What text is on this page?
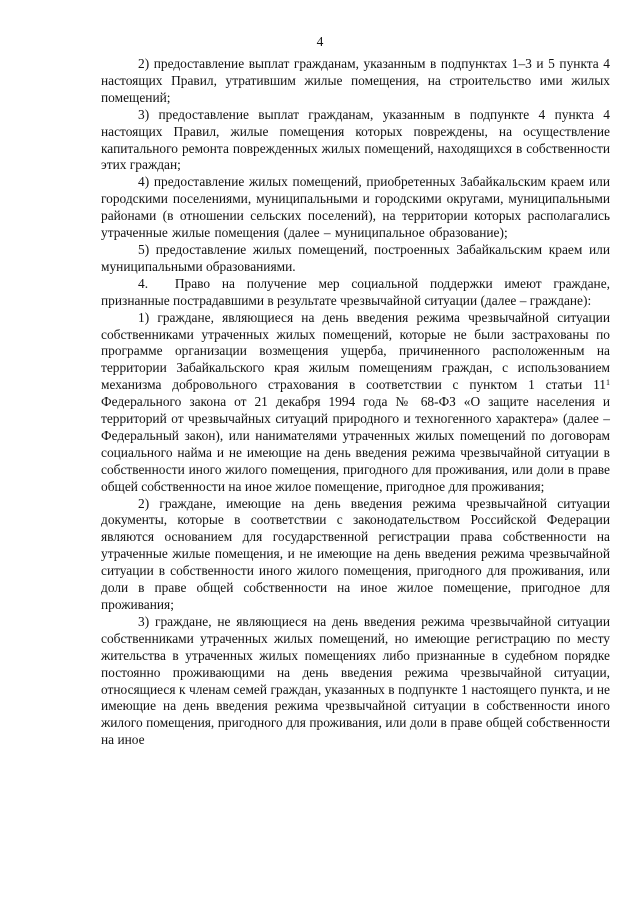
4

2) предоставление выплат гражданам, указанным в подпунктах 1–3 и 5 пункта 4 настоящих Правил, утратившим жилые помещения, на строительство ими жилых помещений;

3) предоставление выплат гражданам, указанным в подпункте 4 пункта 4 настоящих Правил, жилые помещения которых повреждены, на осуществление капитального ремонта поврежденных жилых помещений, находящихся в собственности этих граждан;

4) предоставление жилых помещений, приобретенных Забайкальским краем или городскими поселениями, муниципальными и городскими округами, муниципальными районами (в отношении сельских поселений), на территории которых располагались утраченные жилые помещения (далее – муниципальное образование);

5) предоставление жилых помещений, построенных Забайкальским краем или муниципальными образованиями.

4.  Право на получение мер социальной поддержки имеют граждане, признанные пострадавшими в результате чрезвычайной ситуации (далее – граждане):

1) граждане, являющиеся на день введения режима чрезвычайной ситуации собственниками утраченных жилых помещений, которые не были застрахованы по программе организации возмещения ущерба, причиненного расположенным на территории Забайкальского края жилым помещениям граждан, с использованием механизма добровольного страхования в соответствии с пунктом 1 статьи $11^1$ Федерального закона от 21 декабря 1994 года № 68-ФЗ «О защите населения и территорий от чрезвычайных ситуаций природного и техногенного характера» (далее – Федеральный закон), или нанимателями утраченных жилых помещений по договорам социального найма и не имеющие на день введения режима чрезвычайной ситуации в собственности иного жилого помещения, пригодного для проживания, или доли в праве общей собственности на иное жилое помещение, пригодное для проживания;

2) граждане, имеющие на день введения режима чрезвычайной ситуации документы, которые в соответствии с законодательством Российской Федерации являются основанием для государственной регистрации права собственности на утраченные жилые помещения, и не имеющие на день введения режима чрезвычайной ситуации в собственности иного жилого помещения, пригодного для проживания, или доли в праве общей собственности на иное жилое помещение, пригодное для проживания;

3) граждане, не являющиеся на день введения режима чрезвычайной ситуации собственниками утраченных жилых помещений, но имеющие регистрацию по месту жительства в утраченных жилых помещениях либо признанные в судебном порядке постоянно проживающими на день введения режима чрезвычайной ситуации, относящиеся к членам семей граждан, указанных в подпункте 1 настоящего пункта, и не имеющие на день введения режима чрезвычайной ситуации в собственности иного жилого помещения, пригодного для проживания, или доли в праве общей собственности на иное
